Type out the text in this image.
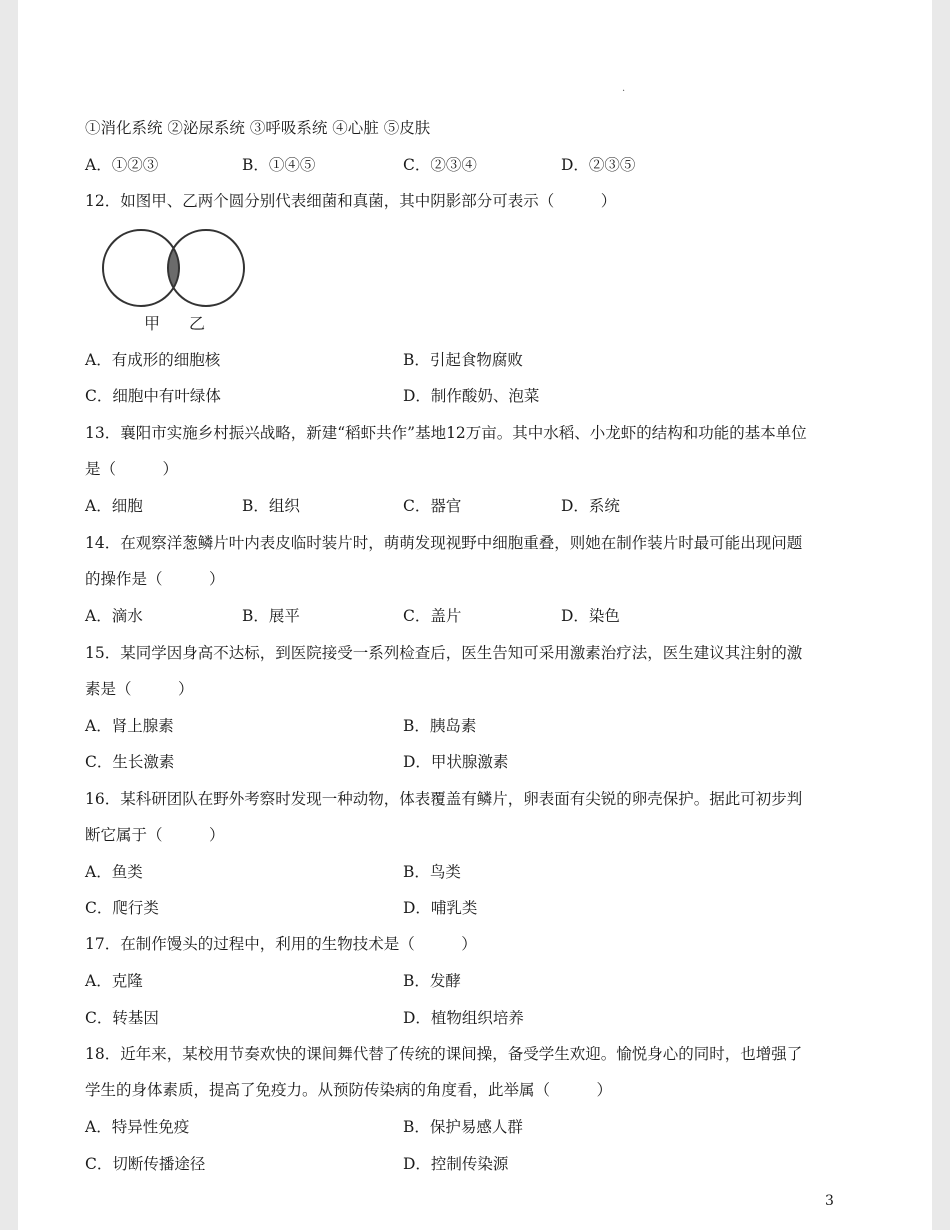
·
①消化系统 ②泌尿系统 ③呼吸系统 ④心脏 ⑤皮肤
A．①②③	B．①④⑤	C．②③④	D．②③⑤
12．如图甲、乙两个圆分别代表细菌和真菌，其中阴影部分可表示（　　　）
甲 乙
A．有成形的细胞核	B．引起食物腐败
C．细胞中有叶绿体	D．制作酸奶、泡菜
13．襄阳市实施乡村振兴战略，新建“稻虾共作”基地12万亩。其中水稻、小龙虾的结构和功能的基本单位
是（　　　）
A．细胞	B．组织	C．器官	D．系统
14．在观察洋葱鳞片叶内表皮临时装片时，萌萌发现视野中细胞重叠，则她在制作装片时最可能出现问题
的操作是（　　　）
A．滴水	B．展平	C．盖片	D．染色
15．某同学因身高不达标，到医院接受一系列检查后，医生告知可采用激素治疗法，医生建议其注射的激
素是（　　　）
A．肾上腺素	B．胰岛素
C．生长激素	D．甲状腺激素
16．某科研团队在野外考察时发现一种动物，体表覆盖有鳞片，卵表面有尖锐的卵壳保护。据此可初步判
断它属于（　　　）
A．鱼类	B．鸟类
C．爬行类	D．哺乳类
17．在制作馒头的过程中，利用的生物技术是（　　　）
A．克隆	B．发酵
C．转基因	D．植物组织培养
18．近年来，某校用节奏欢快的课间舞代替了传统的课间操，备受学生欢迎。愉悦身心的同时，也增强了
学生的身体素质，提高了免疫力。从预防传染病的角度看，此举属（　　　）
A．特异性免疫	B．保护易感人群
C．切断传播途径	D．控制传染源
3
